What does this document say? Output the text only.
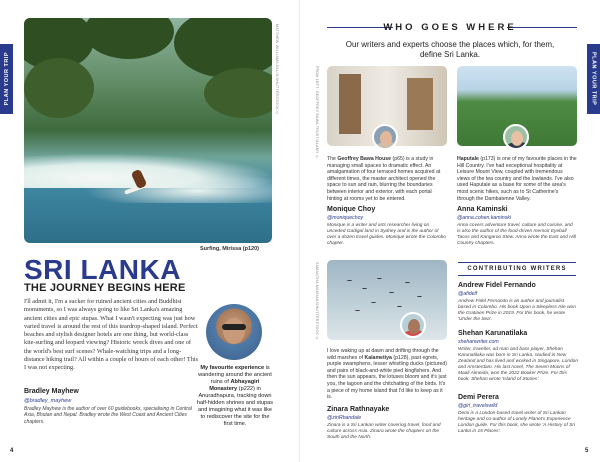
PLAN YOUR TRIP	MATTHEW WILLIAMS-ELLIS/SHUTTERSTOCK ©
Surfing, Mirissa (p120)
SRI LANKA
THE JOURNEY BEGINS HERE

I'll admit it, I'm a sucker for ruined ancient cities and Buddhist monuments, so I was always going to like Sri Lanka's amazing ancient cities and epic stupas. What I wasn't expecting was just how varied travel is around the rest of this teardrop-shaped island. Perfect beaches and stylish designer hotels are one thing, but world-class kite-surfing and leopard viewing? Historic wreck dives and one of the world's best surf scenes? Whale-watching trips and a long-distance hiking trail? All within a couple of hours of each other! This I was not expecting.

Bradley Mayhew
@bradley_mayhew

Bradley Mayhew is the author of over 60 guidebooks, specialising in Central Asia, Bhutan and Nepal. Bradley wrote the West Coast and Ancient Cities chapters.

My favourite experience is wandering around the ancient ruins of Abhayagiri Monastery (p222) in Anuradhapura, tracking down half-hidden shrines and stupas and imagining what it was like to rediscover the site for the first time.

4
PLAN YOUR TRIP
WHO GOES WHERE

Our writers and experts choose the places which, for them, define Sri Lanka.

FROM LEFT: GEOFFREY BAWA TRUST/ALAMY © The Geoffrey Bawa House (p65) is a study in managing small spaces to dramatic effect. An amalgamation of four terraced homes acquired at different times, the master architect opened the space to sun and rain, blurring the boundaries between interior and exterior, with each portal hinting at rooms yet to be entered.

Monique Choy
@moniquechoy

Monique is a writer and arts researcher living on unceded Gadigal land in Sydney and is the author of over a dozen travel guides. Monique wrote the Colombo chapter.

Haputale (p173) is one of my favourite places in the Hill Country. I've had exceptional hospitality at Leisure Mount View, coupled with tremendous views of the tea country and the lowlands. I've also used Haputale as a base for some of the area's most scenic hikes, such as to St Catherine's through the Dambatenne Valley.

Anna Kaminski
@anna.cohen.kaminski

Anna covers adventure travel, culture and cuisine, and is also the author of the food-driven memoir Eyeball Tacos and Kangaroo Stew. Anna wrote the East and Hill Country chapters.

SAMANTHA MAKHAN/SHUTTERSTOCK ©

I love waking up at dawn and drifting through the wild marshes of Kalametiya (p128), past egrets, purple swamphens, lesser whistling ducks (pictured) and pairs of black-and-white pied kingfishers. And then the sun appears, the lotuses bloom and it's just you, the lagoon and the chitchatting of the birds. It's a piece of my home island that I'd like to keep as it is.

Zinara Rathnayake
@zinRbandale

Zinara is a Sri Lankan writer covering travel, food and culture across Asia. Zinara wrote the chapters on the South and the North.

CONTRIBUTING WRITERS
Andrew Fidel Fernando
@afidelf

Andrew Fidel Fernando is an author and journalist based in Colombo. His book Upon a Sleepless Isle won the Gratiaen Prize in 2019. For this book, he wrote 'Under the Sea'.

Shehan Karunatilaka
shehanwriter.com

Writer, traveller, ad man and bass player, Shehan Karunatilaka was born in Sri Lanka, studied in New Zealand and has lived and worked in Singapore, London and Amsterdam. His last novel, The Seven Moons of Maali Almeida, won the 2022 Booker Prize. For this book, Shehan wrote 'Island of Stories'.

Demi Perera
@girl_travelswild

Demi is a London-based travel writer of Sri Lankan heritage and co-author of Lonely Planet's Experience London guide. For this book, she wrote 'A History of Sri Lanka in 15 Places'.

5
